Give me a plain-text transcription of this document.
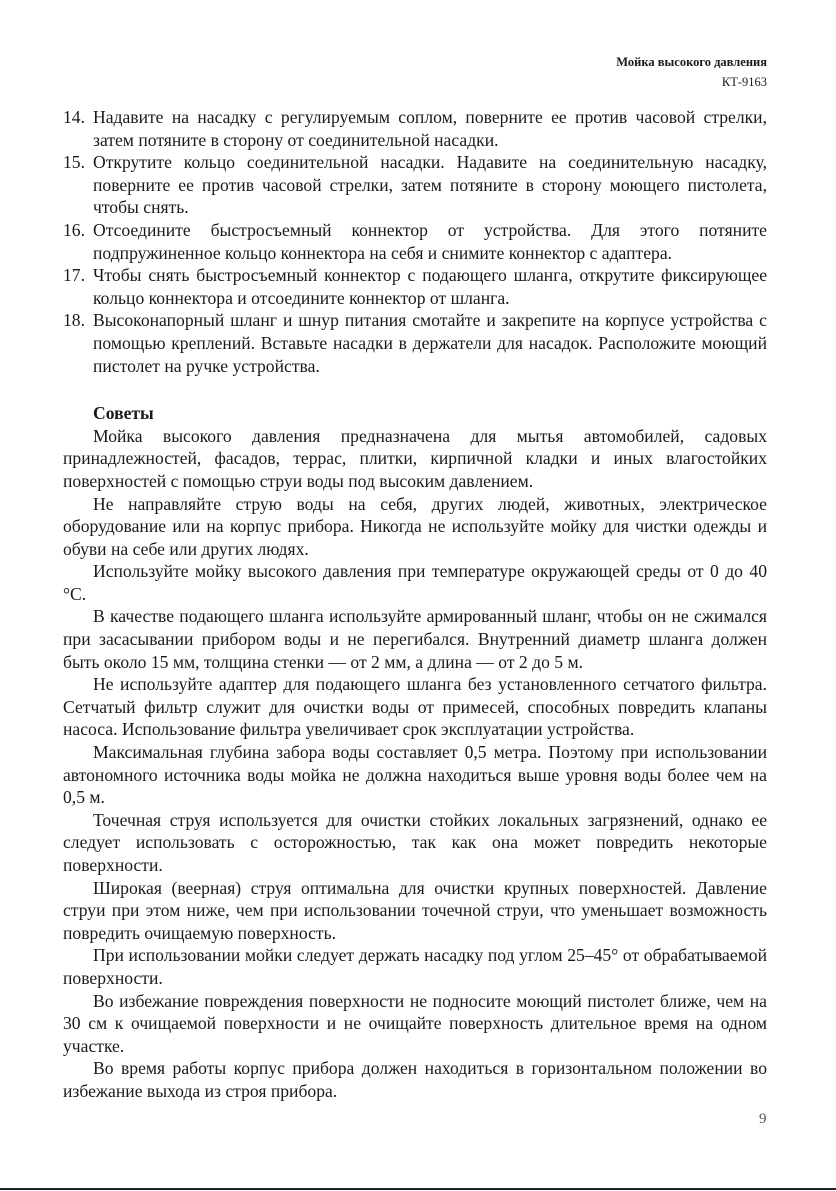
Мойка высокого давления
КТ-9163
14. Надавите на насадку с регулируемым соплом, поверните ее против часовой стрелки, затем потяните в сторону от соединительной насадки.
15. Открутите кольцо соединительной насадки. Надавите на соединительную насадку, поверните ее против часовой стрелки, затем потяните в сторону моющего пистолета, чтобы снять.
16. Отсоедините быстросъемный коннектор от устройства. Для этого потяните подпружиненное кольцо коннектора на себя и снимите коннектор с адаптера.
17. Чтобы снять быстросъемный коннектор с подающего шланга, открутите фиксирующее кольцо коннектора и отсоедините коннектор от шланга.
18. Высоконапорный шланг и шнур питания смотайте и закрепите на корпусе устройства с помощью креплений. Вставьте насадки в держатели для насадок. Расположите моющий пистолет на ручке устройства.
Советы

Мойка высокого давления предназначена для мытья автомобилей, садовых принадлежностей, фасадов, террас, плитки, кирпичной кладки и иных влагостойких поверхностей с помощью струи воды под высоким давлением.

Не направляйте струю воды на себя, других людей, животных, электрическое оборудование или на корпус прибора. Никогда не используйте мойку для чистки одежды и обуви на себе или других людях.

Используйте мойку высокого давления при температуре окружающей среды от 0 до 40 °С.

В качестве подающего шланга используйте армированный шланг, чтобы он не сжимался при засасывании прибором воды и не перегибался. Внутренний диаметр шланга должен быть около 15 мм, толщина стенки — от 2 мм, а длина — от 2 до 5 м.

Не используйте адаптер для подающего шланга без установленного сетчатого фильтра. Сетчатый фильтр служит для очистки воды от примесей, способных повредить клапаны насоса. Использование фильтра увеличивает срок эксплуатации устройства.

Максимальная глубина забора воды составляет 0,5 метра. Поэтому при использовании автономного источника воды мойка не должна находиться выше уровня воды более чем на 0,5 м.

Точечная струя используется для очистки стойких локальных загрязнений, однако ее следует использовать с осторожностью, так как она может повредить некоторые поверхности.

Широкая (веерная) струя оптимальна для очистки крупных поверхностей. Давление струи при этом ниже, чем при использовании точечной струи, что уменьшает возможность повредить очищаемую поверхность.

При использовании мойки следует держать насадку под углом 25–45° от обрабатываемой поверхности.

Во избежание повреждения поверхности не подносите моющий пистолет ближе, чем на 30 см к очищаемой поверхности и не очищайте поверхность длительное время на одном участке.

Во время работы корпус прибора должен находиться в горизонтальном положении во избежание выхода из строя прибора.

9
